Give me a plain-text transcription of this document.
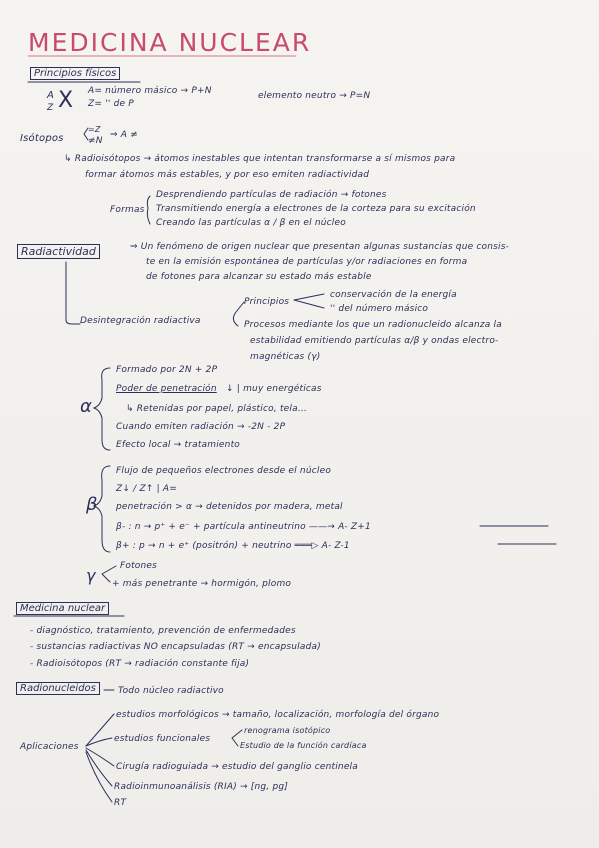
MEDICINA NUCLEAR
Principios físicos
A
Z X A= número másico → P+N
Z= '' de P
elemento neutro → P=N
Isótopos
=Z
≠N
⇒ A ≠
↳ Radioisótopos → átomos inestables que intentan transformarse a sí mismos para
formar átomos más estables, y por eso emiten radiactividad
Formas
Desprendiendo partículas de radiación → fotones
Transmitiendo energía a electrones de la corteza para su excitación
Creando las partículas α / β en el núcleo
Radiactividad	⇒ Un fenómeno de origen nuclear que presentan algunas sustancias que consis-
te en la emisión espontánea de partículas y/or radiaciones en forma
de fotones para alcanzar su estado más estable
Principios
conservación de la energía
'' del número másico
Desintegración radiactiva	Procesos mediante los que un radionucleido alcanza la
estabilidad emitiendo partículas α/β y ondas electro-
magnéticas (γ)
α
Formado por 2N + 2P
Poder de penetración ↓ | muy energéticas
↳ Retenidas por papel, plástico, tela...
Cuando emiten radiación → -2N - 2P
Efecto local → tratamiento
β
Flujo de pequeños electrones desde el núcleo
Z↓ / Z↑ | A=
penetración > α → detenidos por madera, metal
β- : n → p⁺ + e⁻ + partícula antineutrino ——→ A- Z+1
β+ : p → n + e⁺ (positrón) + neutrino ═══▷ A- Z-1
γ	Fotones
+ más penetrante → hormigón, plomo
Medicina nuclear
- diagnóstico, tratamiento, prevención de enfermedades
- sustancias radiactivas NO encapsuladas (RT → encapsulada)
- Radioisótopos (RT → radiación constante fija)
Radionucleidos	Todo núcleo radiactivo
Aplicaciones
estudios morfológicos → tamaño, localización, morfología del órgano
estudios funcionales
renograma isotópico
Estudio de la función cardíaca
Cirugía radioguiada → estudio del ganglio centinela
Radioinmunoanálisis (RIA) → [ng, pg]
RT
